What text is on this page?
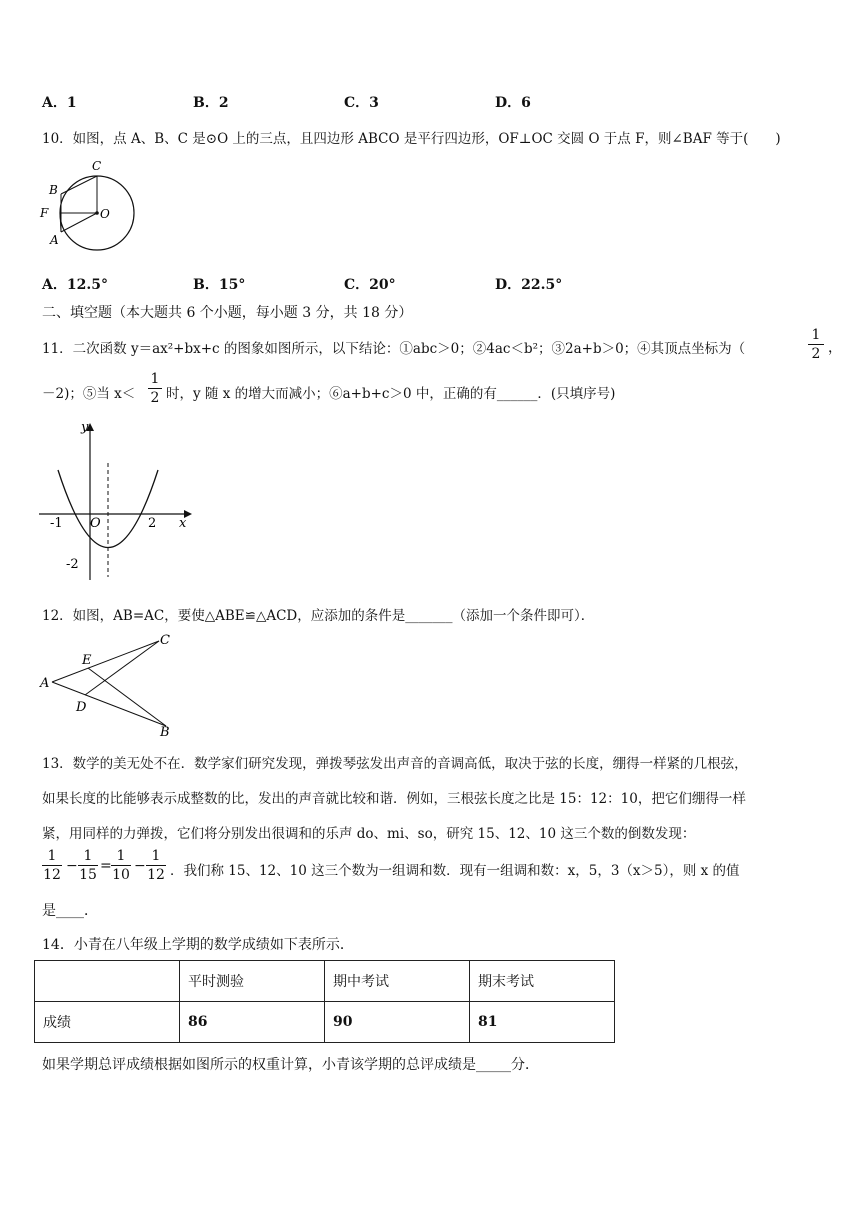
A．1	B．2	C．3	D．6
10．如图，点 A、B、C 是⊙O 上的三点，且四边形 ABCO 是平行四边形，OF⊥OC 交圆 O 于点 F，则∠BAF 等于(　　)
C
B
F	O
A
A．12.5°	B．15°	C．20°	D．22.5°
二、填空题（本大题共 6 个小题，每小题 3 分，共 18 分）
11．二次函数 y＝ax²+bx+c 的图象如图所示，以下结论：①abc＞0；②4ac＜b²；③2a+b＞0；④其顶点坐标为（
1
2 ，
－2)；⑤当 x＜
1
2 时，y 随 x 的增大而减小；⑥a+b+c＞0 中，正确的有______．(只填序号)
y
x
O
-1	2
-2
12．如图，AB=AC，要使△ABE≌△ACD，应添加的条件是_______（添加一个条件即可）．
C
E
A
D
B
13．数学的美无处不在．数学家们研究发现，弹拨琴弦发出声音的音调高低，取决于弦的长度，绷得一样紧的几根弦，
如果长度的比能够表示成整数的比，发出的声音就比较和谐．例如，三根弦长度之比是 15：12：10，把它们绷得一样
紧，用同样的力弹拨，它们将分别发出很调和的乐声 do、mi、so，研究 15、12、10 这三个数的倒数发现：
1
12
−
1
15
=
1
10
−
1
12 ．我们称 15、12、10 这三个数为一组调和数．现有一组调和数：x，5，3（x＞5），则 x 的值
是____．
14．小青在八年级上学期的数学成绩如下表所示．
	平时测验	期中考试	期末考试
成绩	86	90	81
如果学期总评成绩根据如图所示的权重计算，小青该学期的总评成绩是_____分．
